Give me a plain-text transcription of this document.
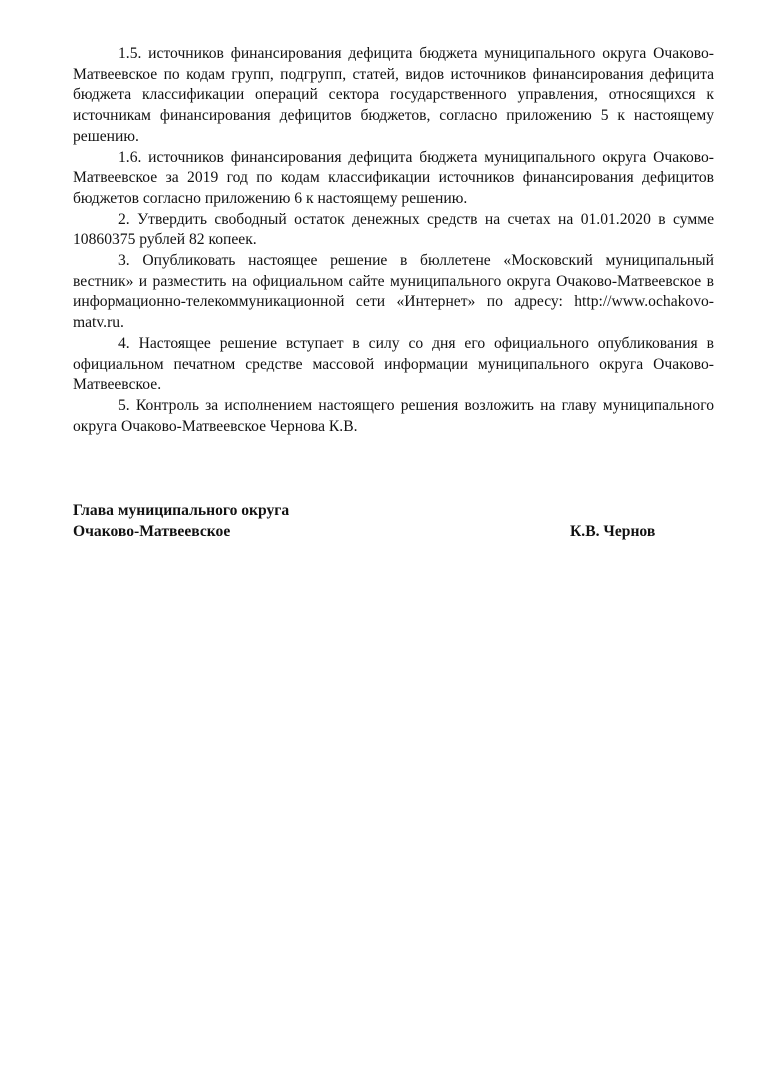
1.5. источников финансирования дефицита бюджета муниципального округа Очаково-Матвеевское по кодам групп, подгрупп, статей, видов источников финансирования дефицита бюджета классификации операций сектора государственного управления, относящихся к источникам финансирования дефицитов бюджетов, согласно приложению 5 к настоящему решению.

1.6. источников финансирования дефицита бюджета муниципального округа Очаково-Матвеевское за 2019 год по кодам классификации источников финансирования дефицитов бюджетов согласно приложению 6 к настоящему решению.

2. Утвердить свободный остаток денежных средств на счетах на 01.01.2020 в сумме 10860375 рублей 82 копеек.

3. Опубликовать настоящее решение в бюллетене «Московский муниципальный вестник» и разместить на официальном сайте муниципального округа Очаково-Матвеевское в информационно-телекоммуникационной сети «Интернет» по адресу: http://www.ochakovo-matv.ru.

4. Настоящее решение вступает в силу со дня его официального опубликования в официальном печатном средстве массовой информации муниципального округа Очаково-Матвеевское.

5. Контроль за исполнением настоящего решения возложить на главу муниципального округа Очаково-Матвеевское Чернова К.В.

Глава муниципального округа
Очаково-Матвеевское	К.В. Чернов
